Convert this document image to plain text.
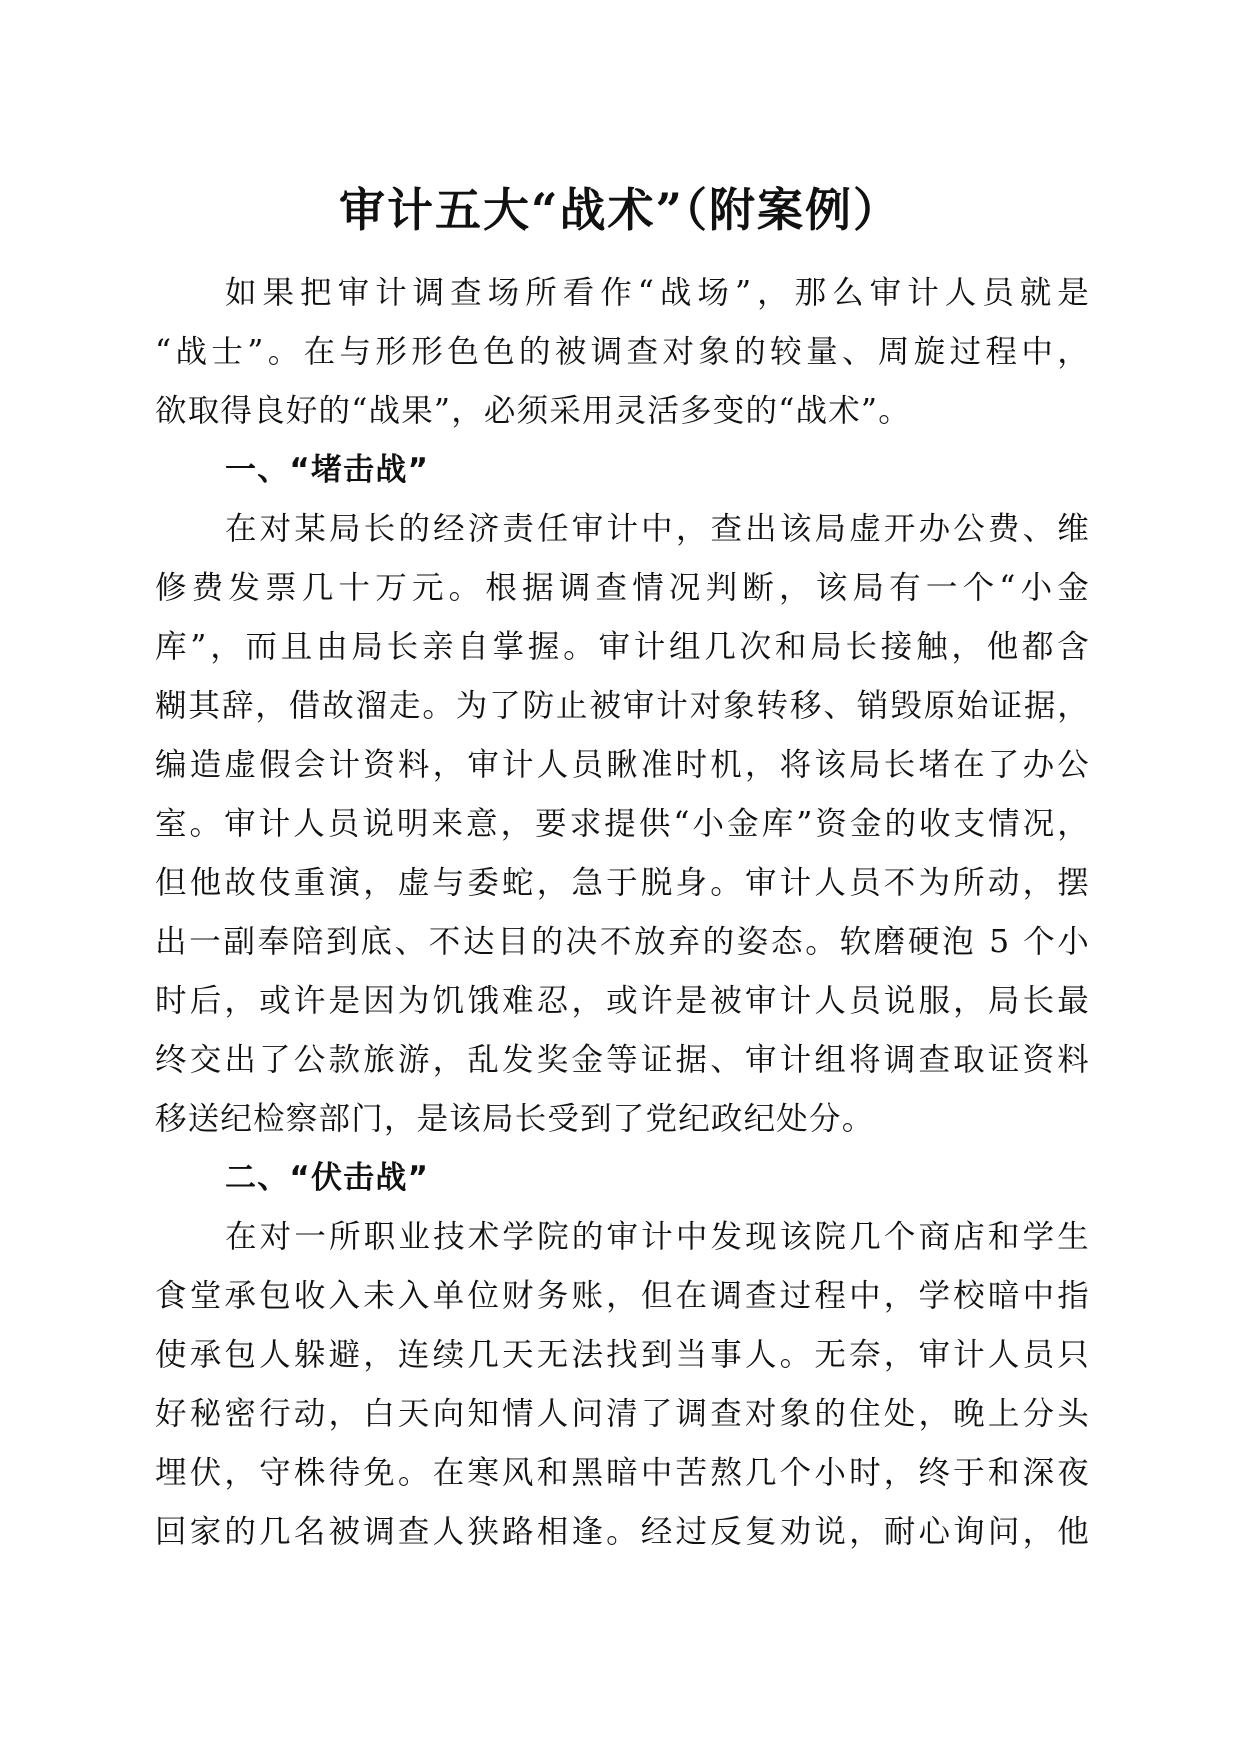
审计五大“战术”（附案例）
如果把审计调查场所看作“战场”，那么审计人员就是
“战士”。在与形形色色的被调查对象的较量、周旋过程中，
欲取得良好的“战果”，必须采用灵活多变的“战术”。
一、“堵击战”
在对某局长的经济责任审计中，查出该局虚开办公费、维
修费发票几十万元。根据调查情况判断，该局有一个“小金
库”，而且由局长亲自掌握。审计组几次和局长接触，他都含
糊其辞，借故溜走。为了防止被审计对象转移、销毁原始证据，
编造虚假会计资料，审计人员瞅准时机，将该局长堵在了办公
室。审计人员说明来意，要求提供“小金库”资金的收支情况，
但他故伎重演，虚与委蛇，急于脱身。审计人员不为所动，摆
出一副奉陪到底、不达目的决不放弃的姿态。软磨硬泡 5 个小
时后，或许是因为饥饿难忍，或许是被审计人员说服，局长最
终交出了公款旅游，乱发奖金等证据、审计组将调查取证资料
移送纪检察部门，是该局长受到了党纪政纪处分。
二、“伏击战”
在对一所职业技术学院的审计中发现该院几个商店和学生
食堂承包收入未入单位财务账，但在调查过程中，学校暗中指
使承包人躲避，连续几天无法找到当事人。无奈，审计人员只
好秘密行动，白天向知情人问清了调查对象的住处，晚上分头
埋伏，守株待免。在寒风和黑暗中苦熬几个小时，终于和深夜
回家的几名被调查人狭路相逢。经过反复劝说，耐心询问，他
